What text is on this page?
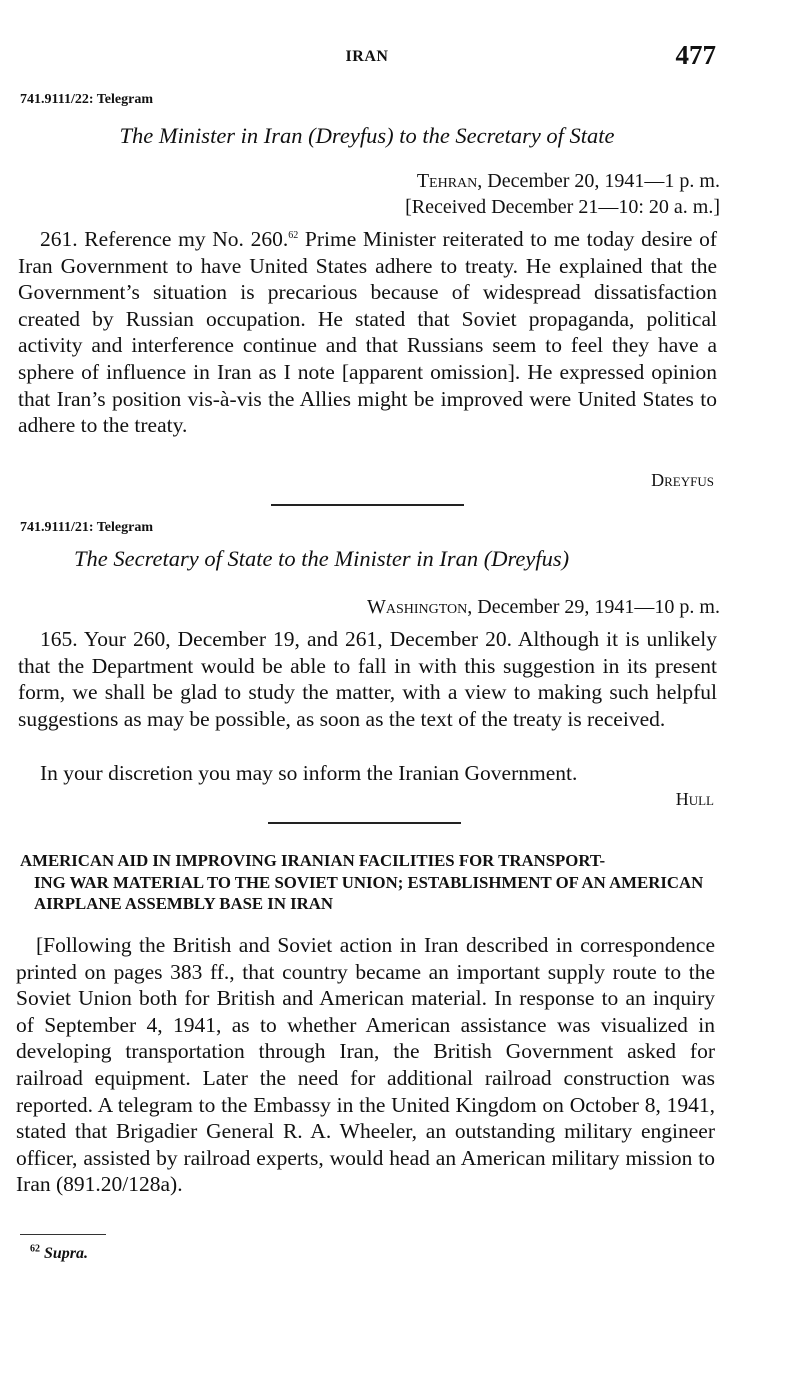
IRAN	477
741.9111/22: Telegram
The Minister in Iran (Dreyfus) to the Secretary of State
Tehran, December 20, 1941—1 p. m.
[Received December 21—10: 20 a. m.]
261. Reference my No. 260.62 Prime Minister reiterated to me today desire of Iran Government to have United States adhere to treaty. He explained that the Government’s situation is precarious because of widespread dissatisfaction created by Russian occupation. He stated that Soviet propaganda, political activity and interference continue and that Russians seem to feel they have a sphere of influence in Iran as I note [apparent omission]. He expressed opinion that Iran’s position vis-à-vis the Allies might be improved were United States to adhere to the treaty.
Dreyfus
741.9111/21: Telegram
The Secretary of State to the Minister in Iran (Dreyfus)
Washington, December 29, 1941—10 p. m.
165. Your 260, December 19, and 261, December 20. Although it is unlikely that the Department would be able to fall in with this suggestion in its present form, we shall be glad to study the matter, with a view to making such helpful suggestions as may be possible, as soon as the text of the treaty is received.
In your discretion you may so inform the Iranian Government.
Hull
AMERICAN AID IN IMPROVING IRANIAN FACILITIES FOR TRANSPORT-
ING WAR MATERIAL TO THE SOVIET UNION; ESTABLISHMENT OF AN AMERICAN AIRPLANE ASSEMBLY BASE IN IRAN
[Following the British and Soviet action in Iran described in correspondence printed on pages 383 ff., that country became an important supply route to the Soviet Union both for British and American material. In response to an inquiry of September 4, 1941, as to whether American assistance was visualized in developing transportation through Iran, the British Government asked for railroad equipment. Later the need for additional railroad construction was reported. A telegram to the Embassy in the United Kingdom on October 8, 1941, stated that Brigadier General R. A. Wheeler, an outstanding military engineer officer, assisted by railroad experts, would head an American military mission to Iran (891.20/128a).
$^{62}$ Supra.
